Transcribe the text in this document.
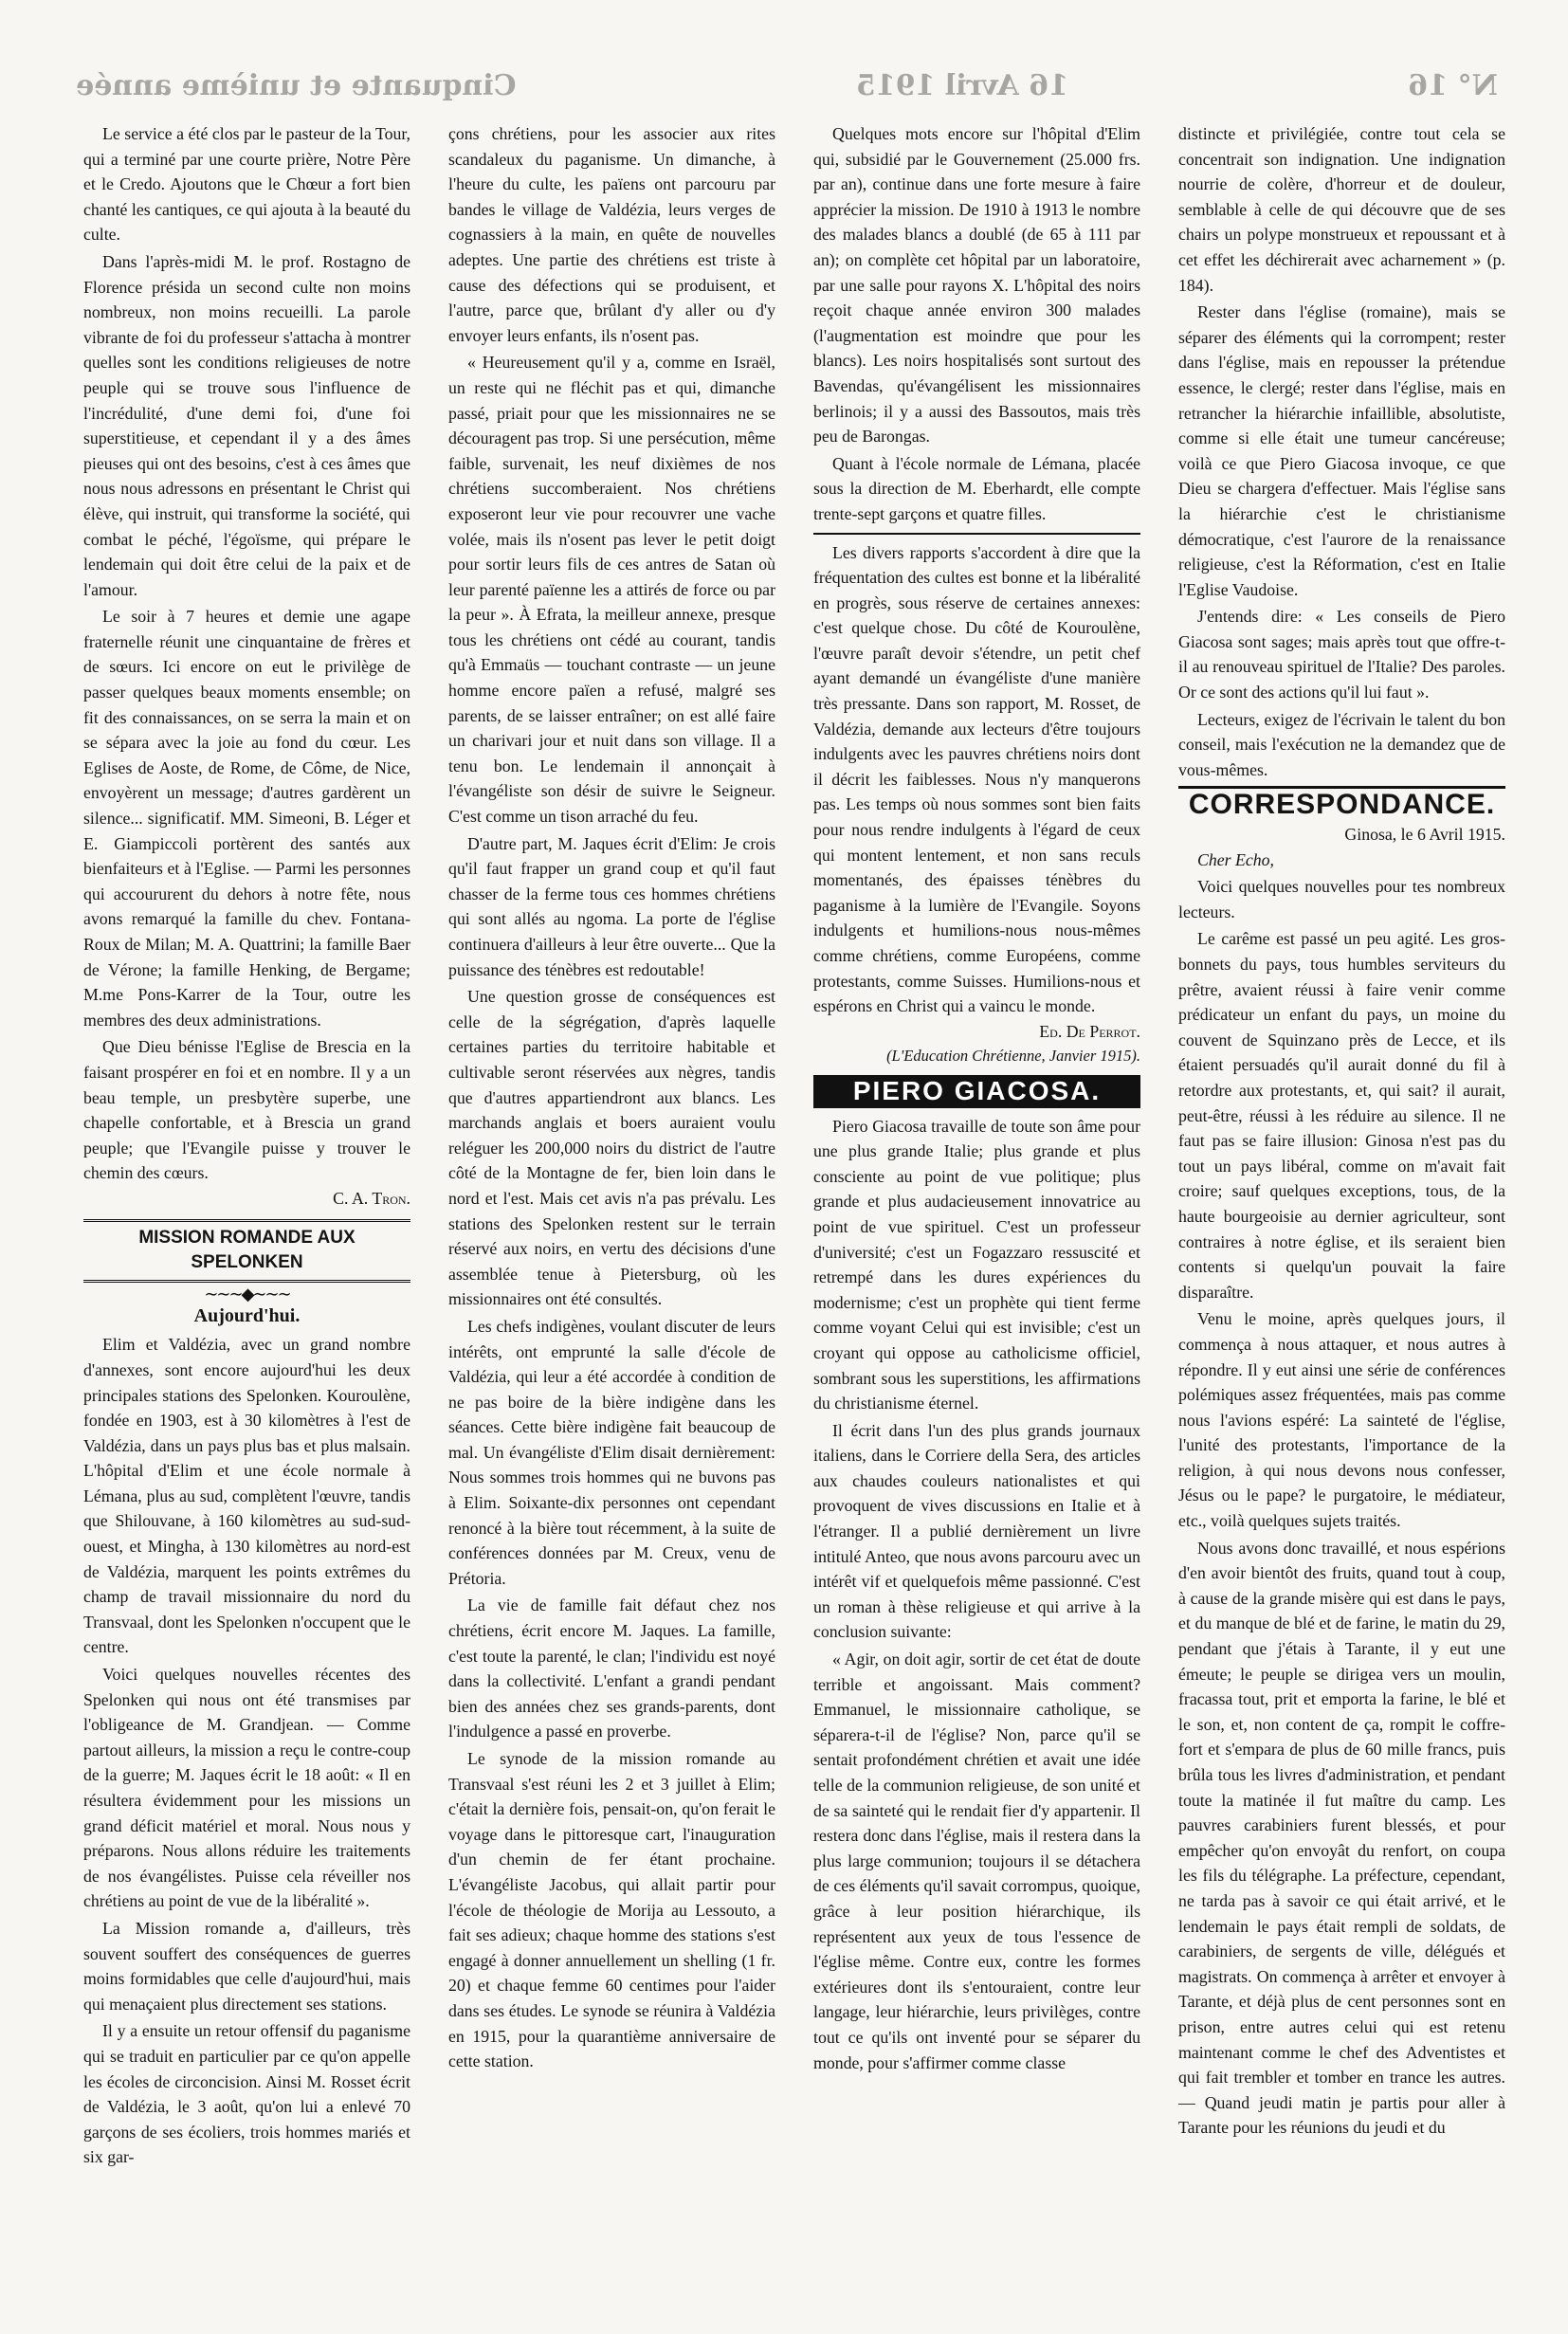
N° 16
16 Avril 1915
Cinquante et unième année

Le service a été clos par le pasteur de la Tour, qui a terminé par une courte prière, Notre Père et le Credo. Ajoutons que le Chœur a fort bien chanté les cantiques, ce qui ajouta à la beauté du culte.

Dans l'après-midi M. le prof. Rostagno de Florence présida un second culte non moins nombreux, non moins recueilli. La parole vibrante de foi du professeur s'attacha à montrer quelles sont les conditions religieuses de notre peuple qui se trouve sous l'influence de l'incrédulité, d'une demi foi, d'une foi superstitieuse, et cependant il y a des âmes pieuses qui ont des besoins, c'est à ces âmes que nous nous adressons en présentant le Christ qui élève, qui instruit, qui transforme la société, qui combat le péché, l'égoïsme, qui prépare le lendemain qui doit être celui de la paix et de l'amour.

Le soir à 7 heures et demie une agape fraternelle réunit une cinquantaine de frères et de sœurs. Ici encore on eut le privilège de passer quelques beaux moments ensemble; on fit des connaissances, on se serra la main et on se sépara avec la joie au fond du cœur. Les Eglises de Aoste, de Rome, de Côme, de Nice, envoyèrent un message; d'autres gardèrent un silence... significatif. MM. Simeoni, B. Léger et E. Giampiccoli portèrent des santés aux bienfaiteurs et à l'Eglise. — Parmi les personnes qui accoururent du dehors à notre fête, nous avons remarqué la famille du chev. Fontana-Roux de Milan; M. A. Quattrini; la famille Baer de Vérone; la famille Henking, de Bergame; M.me Pons-Karrer de la Tour, outre les membres des deux administrations.

Que Dieu bénisse l'Eglise de Brescia en la faisant prospérer en foi et en nombre. Il y a un beau temple, un presbytère superbe, une chapelle confortable, et à Brescia un grand peuple; que l'Evangile puisse y trouver le chemin des cœurs.

C. A. Tron.
MISSION ROMANDE AUX SPELONKEN
∼∼∼◆∼∼∼
Aujourd'hui.

Elim et Valdézia, avec un grand nombre d'annexes, sont encore aujourd'hui les deux principales stations des Spelonken. Kouroulène, fondée en 1903, est à 30 kilomètres à l'est de Valdézia, dans un pays plus bas et plus malsain. L'hôpital d'Elim et une école normale à Lémana, plus au sud, complètent l'œuvre, tandis que Shilouvane, à 160 kilomètres au sud-sud-ouest, et Mingha, à 130 kilomètres au nord-est de Valdézia, marquent les points extrêmes du champ de travail missionnaire du nord du Transvaal, dont les Spelonken n'occupent que le centre.

Voici quelques nouvelles récentes des Spelonken qui nous ont été transmises par l'obligeance de M. Grandjean. — Comme partout ailleurs, la mission a reçu le contre-coup de la guerre; M. Jaques écrit le 18 août: « Il en résultera évidemment pour les missions un grand déficit matériel et moral. Nous nous y préparons. Nous allons réduire les traitements de nos évangélistes. Puisse cela réveiller nos chrétiens au point de vue de la libéralité ».

La Mission romande a, d'ailleurs, très souvent souffert des conséquences de guerres moins formidables que celle d'aujourd'hui, mais qui menaçaient plus directement ses stations.

Il y a ensuite un retour offensif du paganisme qui se traduit en particulier par ce qu'on appelle les écoles de circoncision. Ainsi M. Rosset écrit de Valdézia, le 3 août, qu'on lui a enlevé 70 garçons de ses écoliers, trois hommes mariés et six gar-

çons chrétiens, pour les associer aux rites scandaleux du paganisme. Un dimanche, à l'heure du culte, les païens ont parcouru par bandes le village de Valdézia, leurs verges de cognassiers à la main, en quête de nouvelles adeptes. Une partie des chrétiens est triste à cause des défections qui se produisent, et l'autre, parce que, brûlant d'y aller ou d'y envoyer leurs enfants, ils n'osent pas.

« Heureusement qu'il y a, comme en Israël, un reste qui ne fléchit pas et qui, dimanche passé, priait pour que les missionnaires ne se découragent pas trop. Si une persécution, même faible, survenait, les neuf dixièmes de nos chrétiens succomberaient. Nos chrétiens exposeront leur vie pour recouvrer une vache volée, mais ils n'osent pas lever le petit doigt pour sortir leurs fils de ces antres de Satan où leur parenté païenne les a attirés de force ou par la peur ». À Efrata, la meilleur annexe, presque tous les chrétiens ont cédé au courant, tandis qu'à Emmaüs — touchant contraste — un jeune homme encore païen a refusé, malgré ses parents, de se laisser entraîner; on est allé faire un charivari jour et nuit dans son village. Il a tenu bon. Le lendemain il annonçait à l'évangéliste son désir de suivre le Seigneur. C'est comme un tison arraché du feu.

D'autre part, M. Jaques écrit d'Elim: Je crois qu'il faut frapper un grand coup et qu'il faut chasser de la ferme tous ces hommes chrétiens qui sont allés au ngoma. La porte de l'église continuera d'ailleurs à leur être ouverte... Que la puissance des ténèbres est redoutable!

Une question grosse de conséquences est celle de la ségrégation, d'après laquelle certaines parties du territoire habitable et cultivable seront réservées aux nègres, tandis que d'autres appartiendront aux blancs. Les marchands anglais et boers auraient voulu reléguer les 200,000 noirs du district de l'autre côté de la Montagne de fer, bien loin dans le nord et l'est. Mais cet avis n'a pas prévalu. Les stations des Spelonken restent sur le terrain réservé aux noirs, en vertu des décisions d'une assemblée tenue à Pietersburg, où les missionnaires ont été consultés.

Les chefs indigènes, voulant discuter de leurs intérêts, ont emprunté la salle d'école de Valdézia, qui leur a été accordée à condition de ne pas boire de la bière indigène dans les séances. Cette bière indigène fait beaucoup de mal. Un évangéliste d'Elim disait dernièrement: Nous sommes trois hommes qui ne buvons pas à Elim. Soixante-dix personnes ont cependant renoncé à la bière tout récemment, à la suite de conférences données par M. Creux, venu de Prétoria.

La vie de famille fait défaut chez nos chrétiens, écrit encore M. Jaques. La famille, c'est toute la parenté, le clan; l'individu est noyé dans la collectivité. L'enfant a grandi pendant bien des années chez ses grands-parents, dont l'indulgence a passé en proverbe.

Le synode de la mission romande au Transvaal s'est réuni les 2 et 3 juillet à Elim; c'était la dernière fois, pensait-on, qu'on ferait le voyage dans le pittoresque cart, l'inauguration d'un chemin de fer étant prochaine. L'évangéliste Jacobus, qui allait partir pour l'école de théologie de Morija au Lessouto, a fait ses adieux; chaque homme des stations s'est engagé à donner annuellement un shelling (1 fr. 20) et chaque femme 60 centimes pour l'aider dans ses études. Le synode se réunira à Valdézia en 1915, pour la quarantième anniversaire de cette station.

Quelques mots encore sur l'hôpital d'Elim qui, subsidié par le Gouvernement (25.000 frs. par an), continue dans une forte mesure à faire apprécier la mission. De 1910 à 1913 le nombre des malades blancs a doublé (de 65 à 111 par an); on complète cet hôpital par un laboratoire, par une salle pour rayons X. L'hôpital des noirs reçoit chaque année environ 300 malades (l'augmentation est moindre que pour les blancs). Les noirs hospitalisés sont surtout des Bavendas, qu'évangélisent les missionnaires berlinois; il y a aussi des Bassoutos, mais très peu de Barongas.

Quant à l'école normale de Lémana, placée sous la direction de M. Eberhardt, elle compte trente-sept garçons et quatre filles.

Les divers rapports s'accordent à dire que la fréquentation des cultes est bonne et la libéralité en progrès, sous réserve de certaines annexes: c'est quelque chose. Du côté de Kouroulène, l'œuvre paraît devoir s'étendre, un petit chef ayant demandé un évangéliste d'une manière très pressante. Dans son rapport, M. Rosset, de Valdézia, demande aux lecteurs d'être toujours indulgents avec les pauvres chrétiens noirs dont il décrit les faiblesses. Nous n'y manquerons pas. Les temps où nous sommes sont bien faits pour nous rendre indulgents à l'égard de ceux qui montent lentement, et non sans reculs momentanés, des épaisses ténèbres du paganisme à la lumière de l'Evangile. Soyons indulgents et humilions-nous nous-mêmes comme chrétiens, comme Européens, comme protestants, comme Suisses. Humilions-nous et espérons en Christ qui a vaincu le monde.

Ed. De Perrot.
(L'Education Chrétienne, Janvier 1915).
PIERO GIACOSA.

Piero Giacosa travaille de toute son âme pour une plus grande Italie; plus grande et plus consciente au point de vue politique; plus grande et plus audacieusement innovatrice au point de vue spirituel. C'est un professeur d'université; c'est un Fogazzaro ressuscité et retrempé dans les dures expériences du modernisme; c'est un prophète qui tient ferme comme voyant Celui qui est invisible; c'est un croyant qui oppose au catholicisme officiel, sombrant sous les superstitions, les affirmations du christianisme éternel.

Il écrit dans l'un des plus grands journaux italiens, dans le Corriere della Sera, des articles aux chaudes couleurs nationalistes et qui provoquent de vives discussions en Italie et à l'étranger. Il a publié dernièrement un livre intitulé Anteo, que nous avons parcouru avec un intérêt vif et quelquefois même passionné. C'est un roman à thèse religieuse et qui arrive à la conclusion suivante:

« Agir, on doit agir, sortir de cet état de doute terrible et angoissant. Mais comment? Emmanuel, le missionnaire catholique, se séparera-t-il de l'église? Non, parce qu'il se sentait profondément chrétien et avait une idée telle de la communion religieuse, de son unité et de sa sainteté qui le rendait fier d'y appartenir. Il restera donc dans l'église, mais il restera dans la plus large communion; toujours il se détachera de ces éléments qu'il savait corrompus, quoique, grâce à leur position hiérarchique, ils représentent aux yeux de tous l'essence de l'église même. Contre eux, contre les formes extérieures dont ils s'entouraient, contre leur langage, leur hiérarchie, leurs privilèges, contre tout ce qu'ils ont inventé pour se séparer du monde, pour s'affirmer comme classe

distincte et privilégiée, contre tout cela se concentrait son indignation. Une indignation nourrie de colère, d'horreur et de douleur, semblable à celle de qui découvre que de ses chairs un polype monstrueux et repoussant et à cet effet les déchirerait avec acharnement » (p. 184).

Rester dans l'église (romaine), mais se séparer des éléments qui la corrompent; rester dans l'église, mais en repousser la prétendue essence, le clergé; rester dans l'église, mais en retrancher la hiérarchie infaillible, absolutiste, comme si elle était une tumeur cancéreuse; voilà ce que Piero Giacosa invoque, ce que Dieu se chargera d'effectuer. Mais l'église sans la hiérarchie c'est le christianisme démocratique, c'est l'aurore de la renaissance religieuse, c'est la Réformation, c'est en Italie l'Eglise Vaudoise.

J'entends dire: « Les conseils de Piero Giacosa sont sages; mais après tout que offre-t-il au renouveau spirituel de l'Italie? Des paroles. Or ce sont des actions qu'il lui faut ».

Lecteurs, exigez de l'écrivain le talent du bon conseil, mais l'exécution ne la demandez que de vous-mêmes.

CORRESPONDANCE.
Ginosa, le 6 Avril 1915.

Cher Echo,

Voici quelques nouvelles pour tes nombreux lecteurs.

Le carême est passé un peu agité. Les gros-bonnets du pays, tous humbles serviteurs du prêtre, avaient réussi à faire venir comme prédicateur un enfant du pays, un moine du couvent de Squinzano près de Lecce, et ils étaient persuadés qu'il aurait donné du fil à retordre aux protestants, et, qui sait? il aurait, peut-être, réussi à les réduire au silence. Il ne faut pas se faire illusion: Ginosa n'est pas du tout un pays libéral, comme on m'avait fait croire; sauf quelques exceptions, tous, de la haute bourgeoisie au dernier agriculteur, sont contraires à notre église, et ils seraient bien contents si quelqu'un pouvait la faire disparaître.

Venu le moine, après quelques jours, il commença à nous attaquer, et nous autres à répondre. Il y eut ainsi une série de conférences polémiques assez fréquentées, mais pas comme nous l'avions espéré: La sainteté de l'église, l'unité des protestants, l'importance de la religion, à qui nous devons nous confesser, Jésus ou le pape? le purgatoire, le médiateur, etc., voilà quelques sujets traités.

Nous avons donc travaillé, et nous espérions d'en avoir bientôt des fruits, quand tout à coup, à cause de la grande misère qui est dans le pays, et du manque de blé et de farine, le matin du 29, pendant que j'étais à Tarante, il y eut une émeute; le peuple se dirigea vers un moulin, fracassa tout, prit et emporta la farine, le blé et le son, et, non content de ça, rompit le coffre-fort et s'empara de plus de 60 mille francs, puis brûla tous les livres d'administration, et pendant toute la matinée il fut maître du camp. Les pauvres carabiniers furent blessés, et pour empêcher qu'on envoyât du renfort, on coupa les fils du télégraphe. La préfecture, cependant, ne tarda pas à savoir ce qui était arrivé, et le lendemain le pays était rempli de soldats, de carabiniers, de sergents de ville, délégués et magistrats. On commença à arrêter et envoyer à Tarante, et déjà plus de cent personnes sont en prison, entre autres celui qui est retenu maintenant comme le chef des Adventistes et qui fait trembler et tomber en trance les autres. — Quand jeudi matin je partis pour aller à Tarante pour les réunions du jeudi et du
